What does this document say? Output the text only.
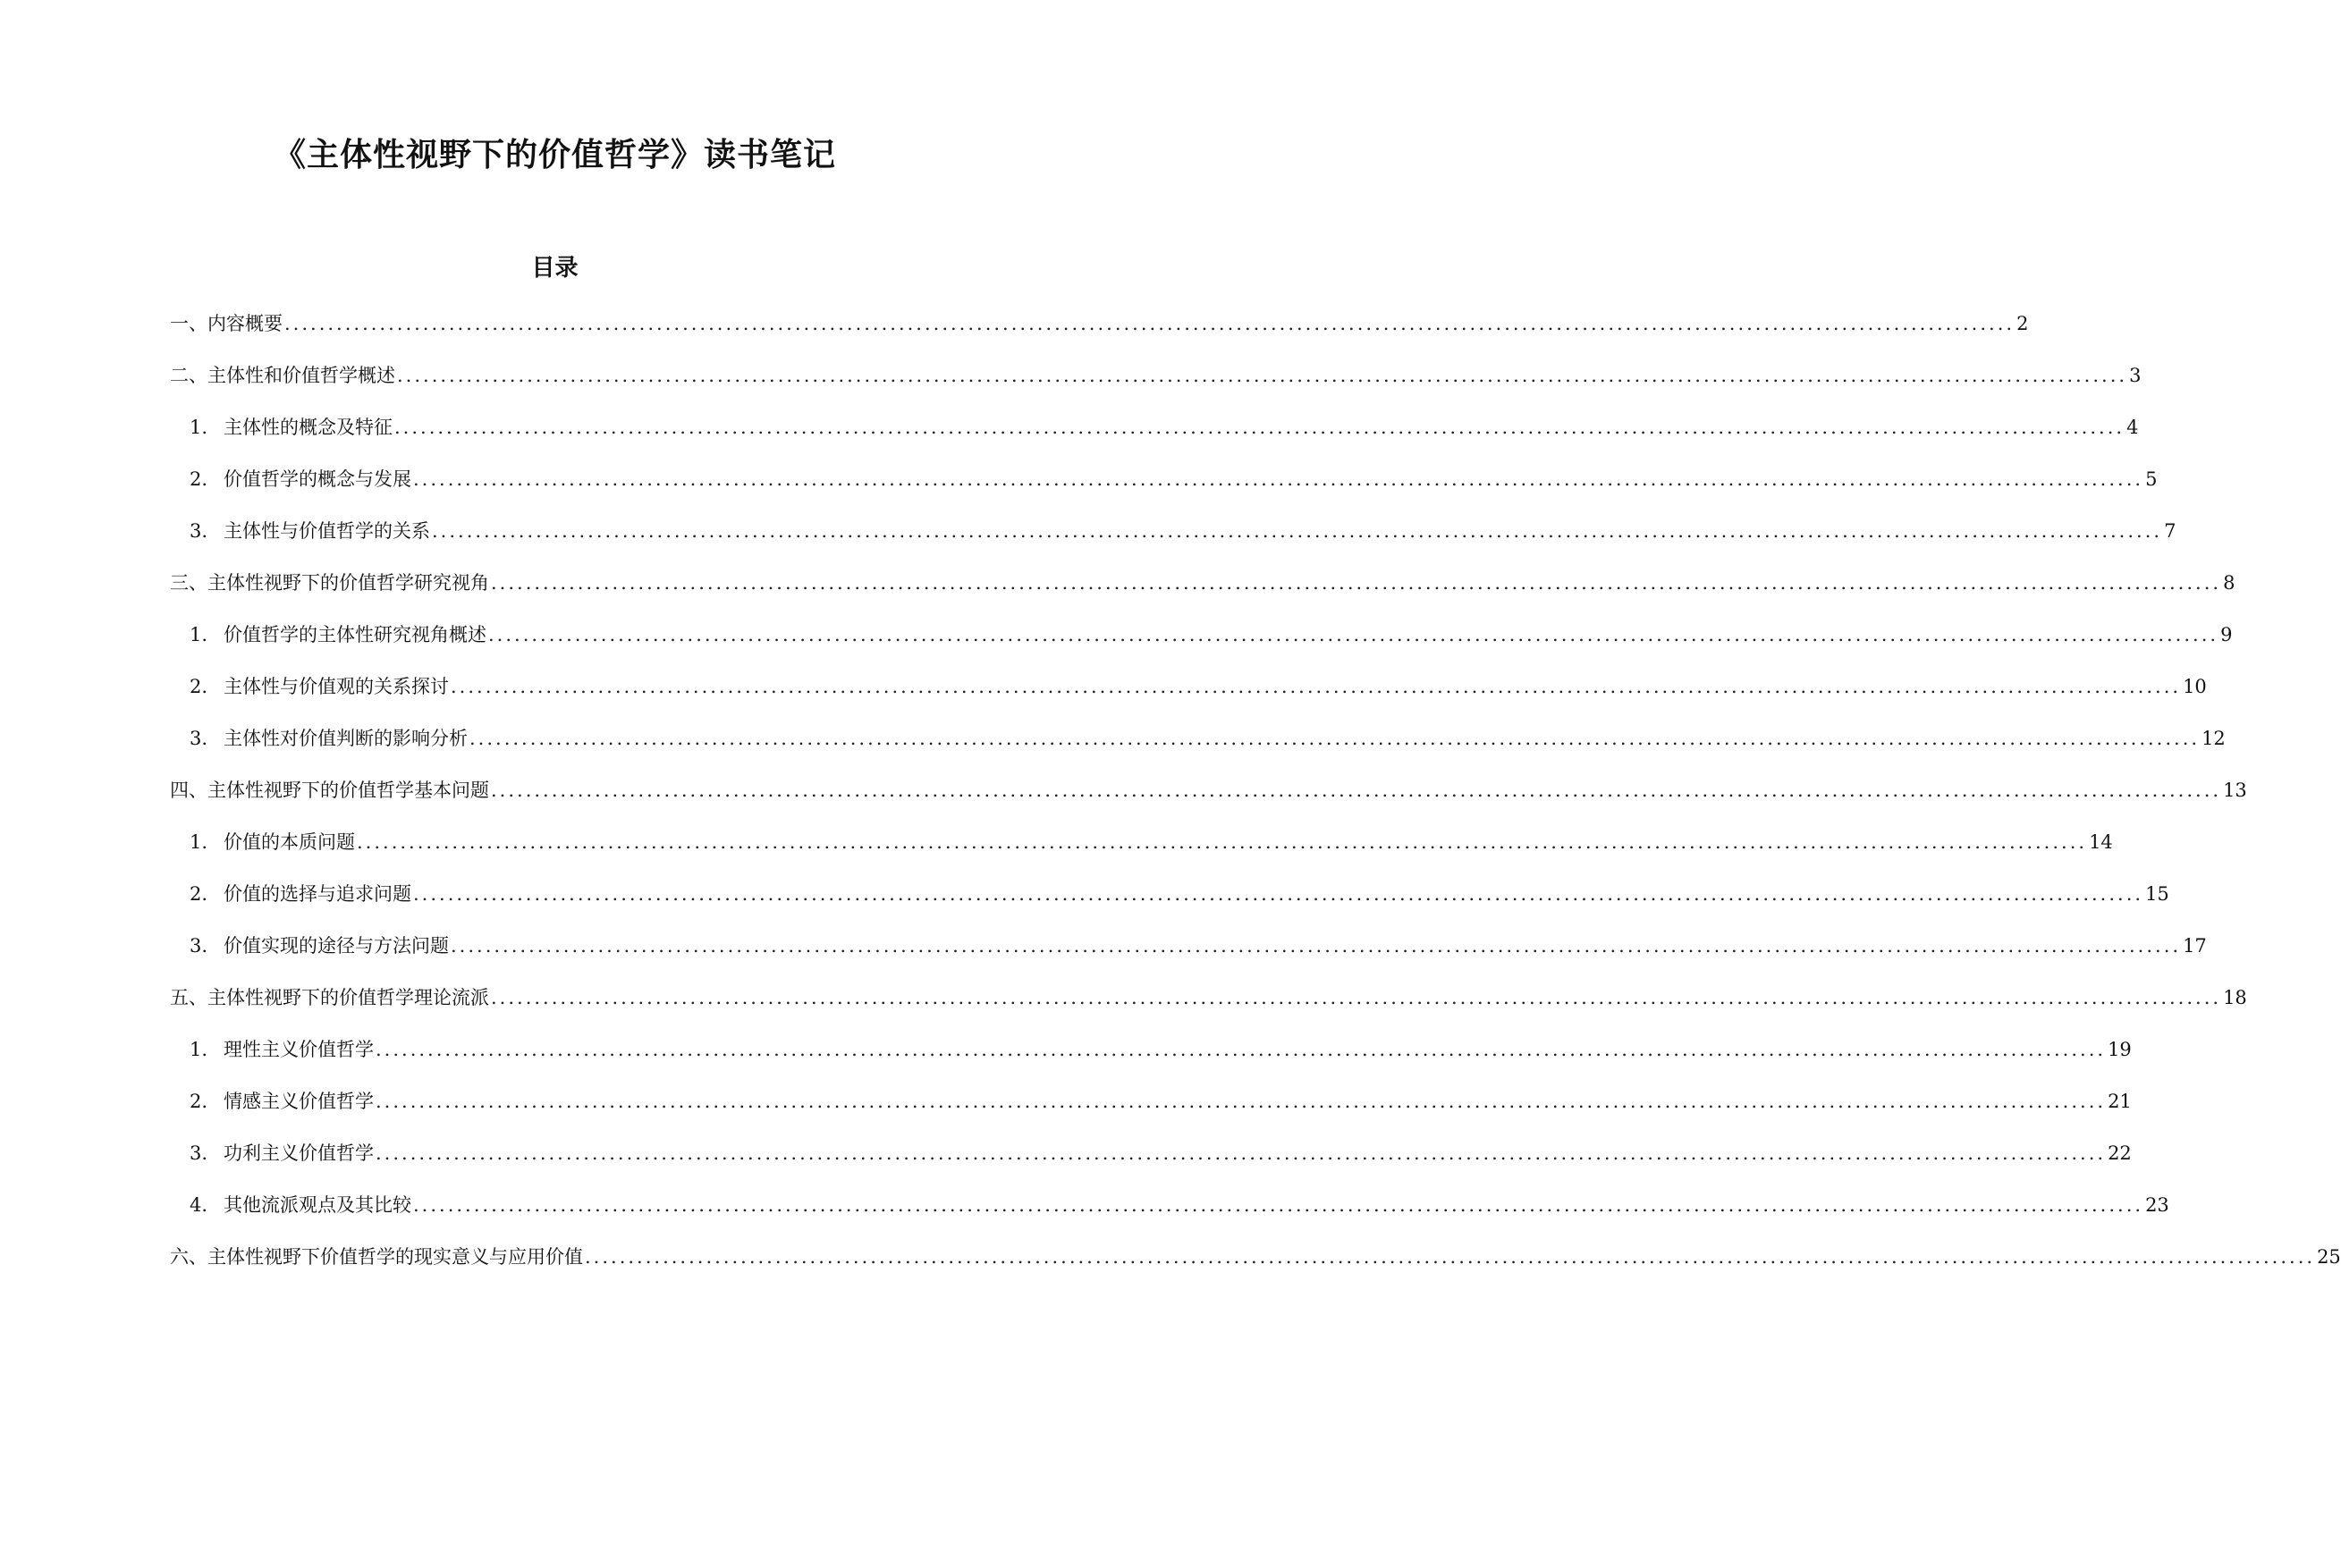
《主体性视野下的价值哲学》读书笔记
目录
一、内容概要 ........................................................................................................................................................................................................ 2
二、主体性和价值哲学概述 ........................................................................................................................................................................................................ 3
1. 主体性的概念及特征 ........................................................................................................................................................................................................ 4
2. 价值哲学的概念与发展 ........................................................................................................................................................................................................ 5
3. 主体性与价值哲学的关系 ........................................................................................................................................................................................................ 7
三、主体性视野下的价值哲学研究视角 ........................................................................................................................................................................................................ 8
1. 价值哲学的主体性研究视角概述 ........................................................................................................................................................................................................ 9
2. 主体性与价值观的关系探讨 ........................................................................................................................................................................................................ 10
3. 主体性对价值判断的影响分析 ........................................................................................................................................................................................................ 12
四、主体性视野下的价值哲学基本问题 ........................................................................................................................................................................................................ 13
1. 价值的本质问题 ........................................................................................................................................................................................................ 14
2. 价值的选择与追求问题 ........................................................................................................................................................................................................ 15
3. 价值实现的途径与方法问题 ........................................................................................................................................................................................................ 17
五、主体性视野下的价值哲学理论流派 ........................................................................................................................................................................................................ 18
1. 理性主义价值哲学 ........................................................................................................................................................................................................ 19
2. 情感主义价值哲学 ........................................................................................................................................................................................................ 21
3. 功利主义价值哲学 ........................................................................................................................................................................................................ 22
4. 其他流派观点及其比较 ........................................................................................................................................................................................................ 23
六、主体性视野下价值哲学的现实意义与应用价值 ........................................................................................................................................................................................................ 25
